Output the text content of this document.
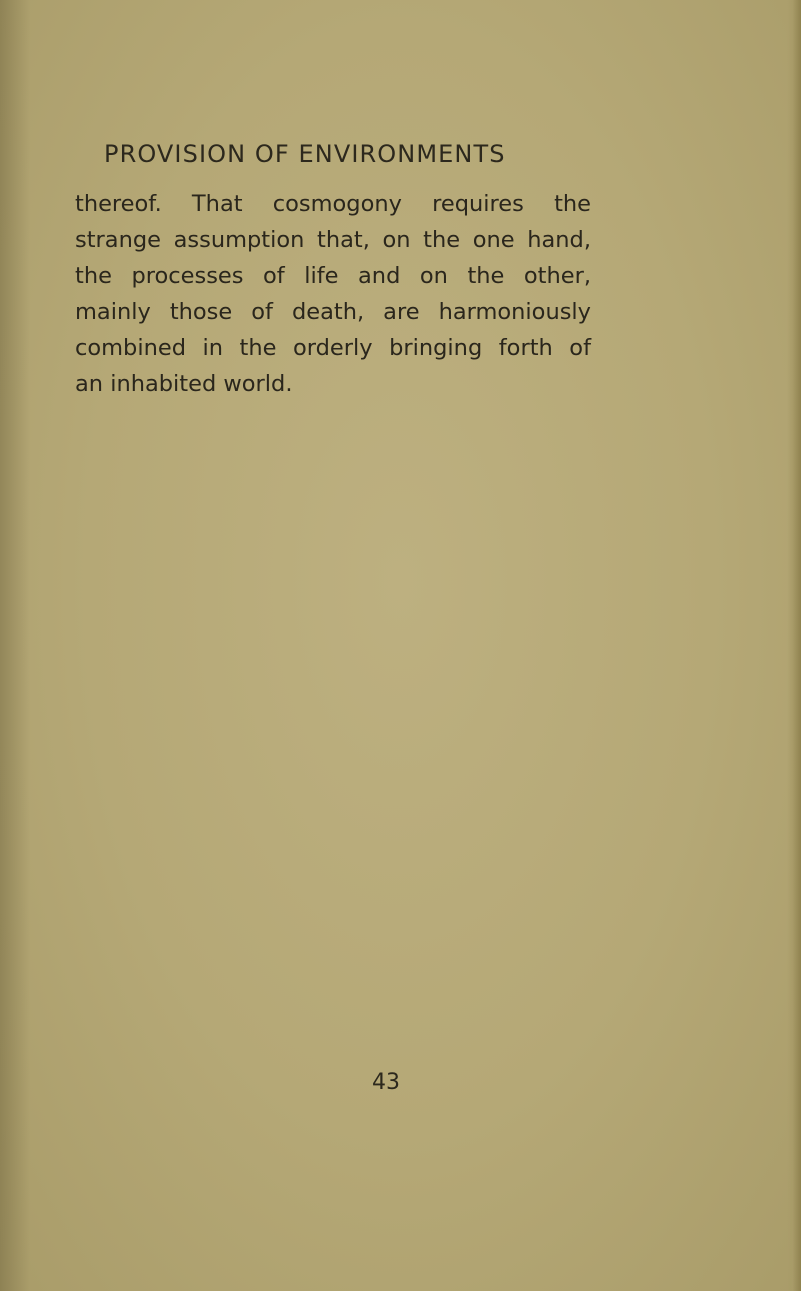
PROVISION OF ENVIRONMENTS
thereof. That cosmogony requires the
strange assumption that, on the one hand,
the processes of life and on the other,
mainly those of death, are harmoniously
combined in the orderly bringing forth of
an inhabited world.
43
